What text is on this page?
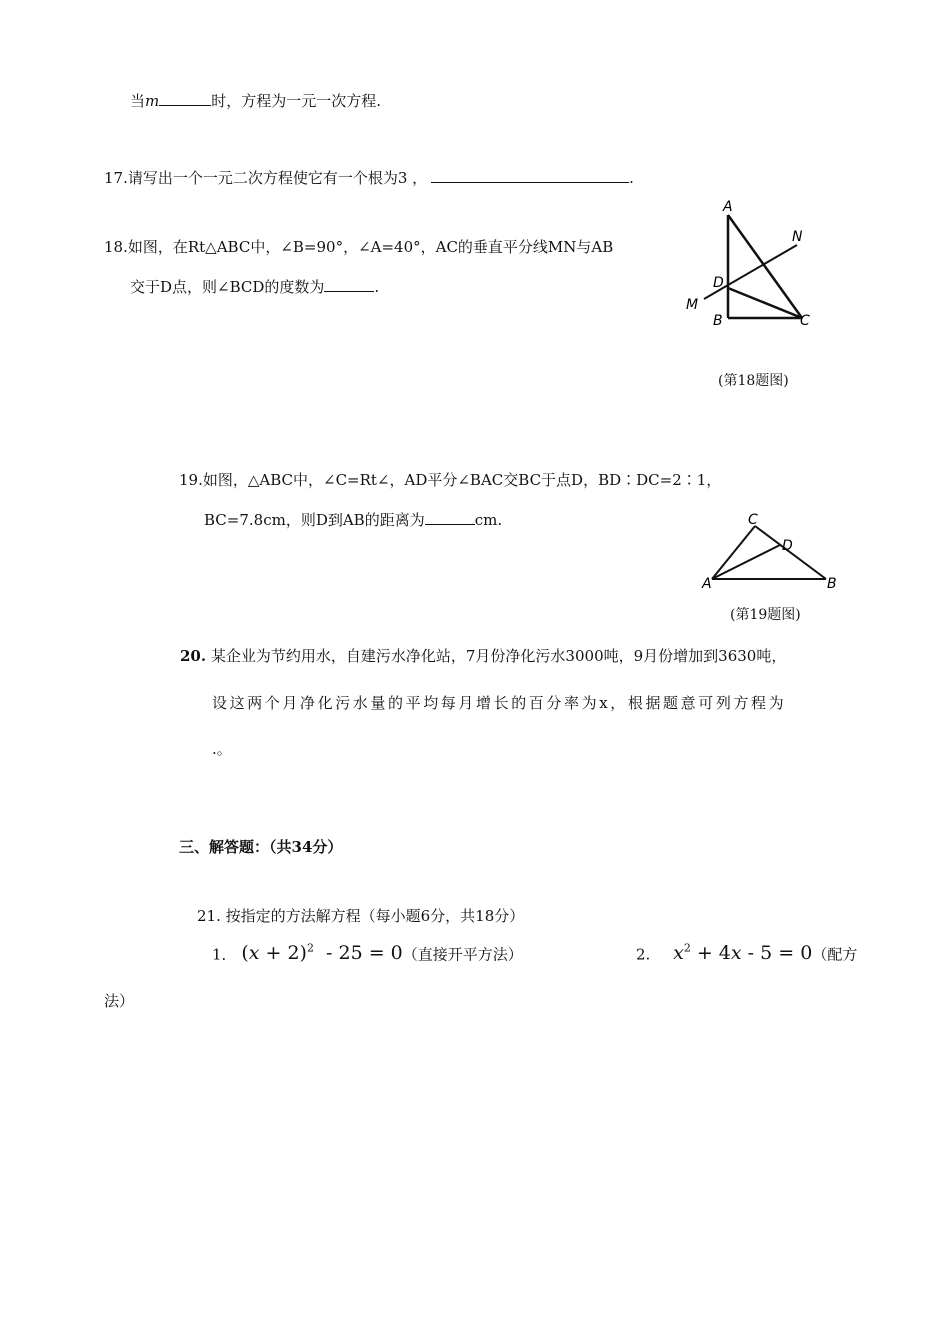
当m	时，方程为一元一次方程.
17.请写出一个一元二次方程使它有一个根为3 ，	.
18.如图，在Rt△ABC中，∠B=90°，∠A=40°，AC的垂直平分线MN与AB
交于D点，则∠BCD的度数为	.
A
N
D
M
B	C
(第18题图)
19.如图，△ABC中，∠C=Rt∠，AD平分∠BAC交BC于点D，BD∶DC=2∶1，
BC=7.8cm，则D到AB的距离为	cm.	C
D
A	B
(第19题图)
20. 某企业为节约用水，自建污水净化站，7月份净化污水3000吨，9月份增加到3630吨，
设这两个月净化污水量的平均每月增长的百分率为x，根据题意可列方程为
.。
三、解答题：（共34分）
21. 按指定的方法解方程（每小题6分，共18分）
1． $(x + 2)^2 - 25 = 0$（直接开平方法）	2. $x^2 + 4x - 5 = 0$（配方
法）
